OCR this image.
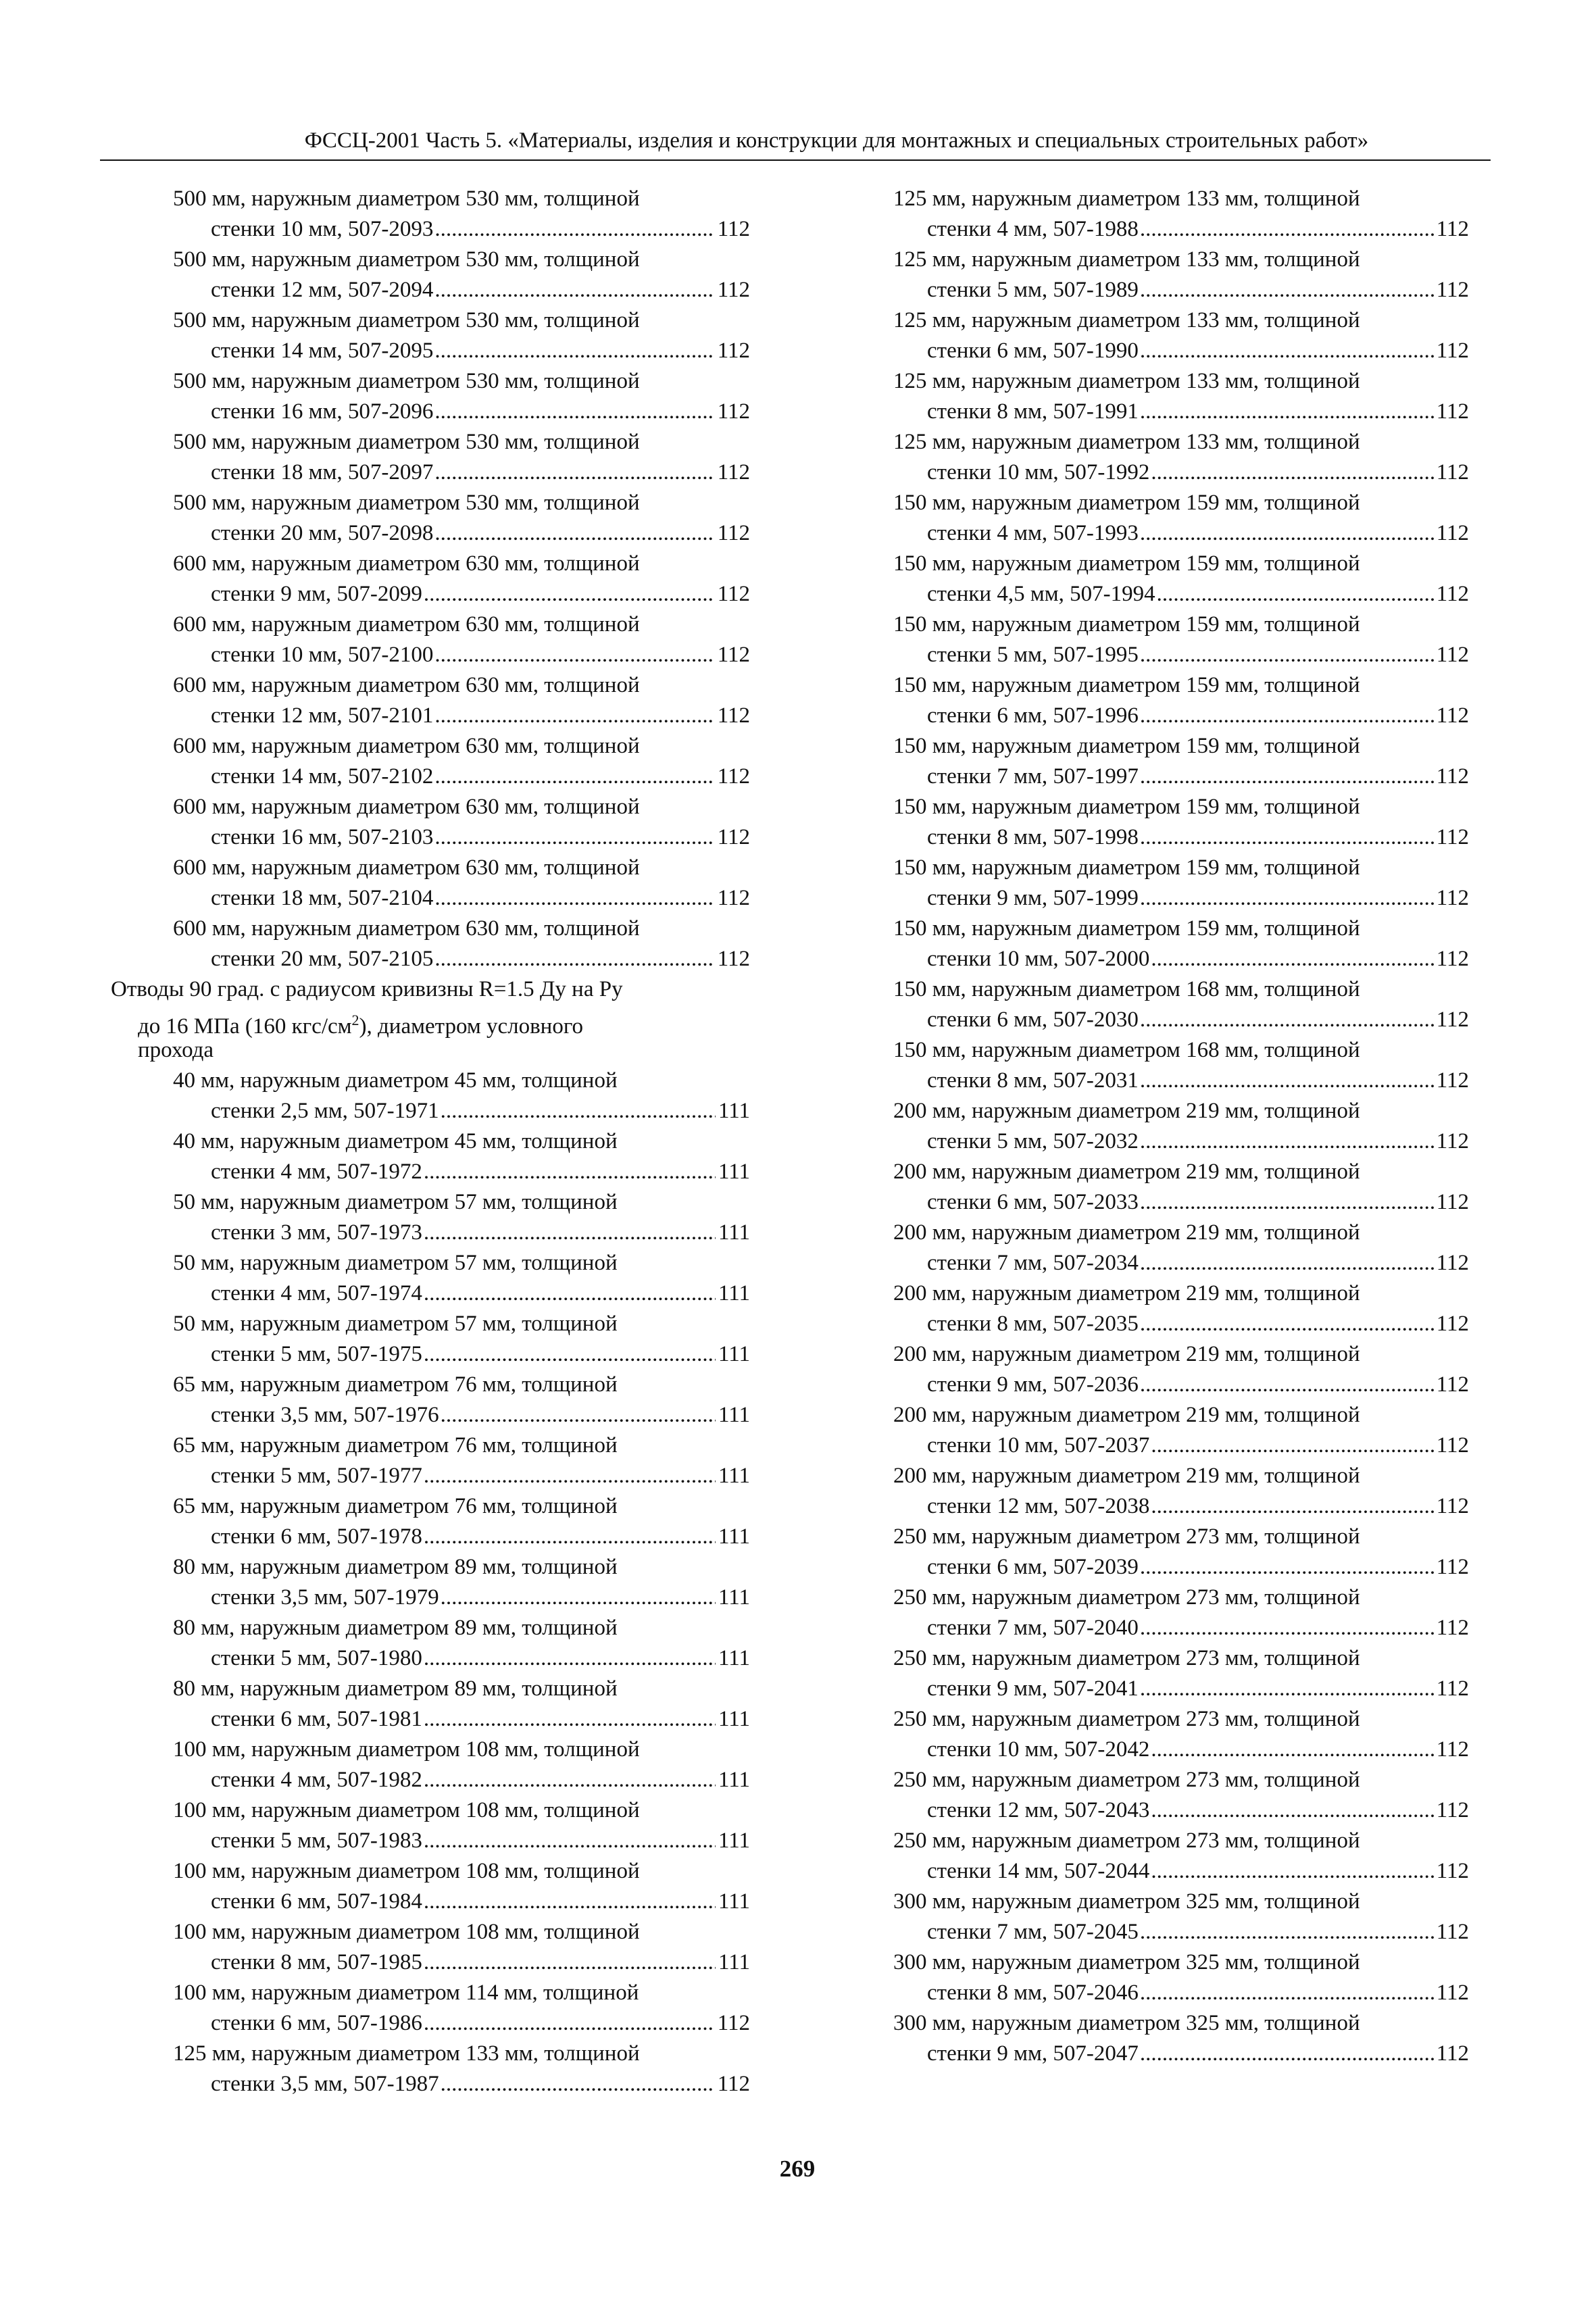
ФССЦ-2001 Часть 5. «Материалы, изделия и конструкции для монтажных и специальных строительных работ»
500 мм, наружным диаметром 530 мм, толщиной
стенки 10 мм, 507-2093 .....	112
500 мм, наружным диаметром 530 мм, толщиной
стенки 12 мм, 507-2094 .....	112
500 мм, наружным диаметром 530 мм, толщиной
стенки 14 мм, 507-2095 .....	112
500 мм, наружным диаметром 530 мм, толщиной
стенки 16 мм, 507-2096 .....	112
500 мм, наружным диаметром 530 мм, толщиной
стенки 18 мм, 507-2097 .....	112
500 мм, наружным диаметром 530 мм, толщиной
стенки 20 мм, 507-2098 .....	112
600 мм, наружным диаметром 630 мм, толщиной
стенки 9 мм, 507-2099 .....	112
600 мм, наружным диаметром 630 мм, толщиной
стенки 10 мм, 507-2100 .....	112
600 мм, наружным диаметром 630 мм, толщиной
стенки 12 мм, 507-2101 .....	112
600 мм, наружным диаметром 630 мм, толщиной
стенки 14 мм, 507-2102 .....	112
600 мм, наружным диаметром 630 мм, толщиной
стенки 16 мм, 507-2103 .....	112
600 мм, наружным диаметром 630 мм, толщиной
стенки 18 мм, 507-2104 .....	112
600 мм, наружным диаметром 630 мм, толщиной
стенки 20 мм, 507-2105 .....	112
Отводы 90 град. с радиусом кривизны R=1.5 Ду на Ру
до 16 МПа (160 кгс/$см^2$), диаметром условного
прохода
40 мм, наружным диаметром 45 мм, толщиной
стенки 2,5 мм, 507-1971 .....	111
40 мм, наружным диаметром 45 мм, толщиной
стенки 4 мм, 507-1972 .....	111
50 мм, наружным диаметром 57 мм, толщиной
стенки 3 мм, 507-1973 .....	111
50 мм, наружным диаметром 57 мм, толщиной
стенки 4 мм, 507-1974 .....	111
50 мм, наружным диаметром 57 мм, толщиной
стенки 5 мм, 507-1975 .....	111
65 мм, наружным диаметром 76 мм, толщиной
стенки 3,5 мм, 507-1976 .....	111
65 мм, наружным диаметром 76 мм, толщиной
стенки 5 мм, 507-1977 .....	111
65 мм, наружным диаметром 76 мм, толщиной
стенки 6 мм, 507-1978 .....	111
80 мм, наружным диаметром 89 мм, толщиной
стенки 3,5 мм, 507-1979 .....	111
80 мм, наружным диаметром 89 мм, толщиной
стенки 5 мм, 507-1980 .....	111
80 мм, наружным диаметром 89 мм, толщиной
стенки 6 мм, 507-1981 .....	111
100 мм, наружным диаметром 108 мм, толщиной
стенки 4 мм, 507-1982 .....	111
100 мм, наружным диаметром 108 мм, толщиной
стенки 5 мм, 507-1983 .....	111
100 мм, наружным диаметром 108 мм, толщиной
стенки 6 мм, 507-1984 .....	111
100 мм, наружным диаметром 108 мм, толщиной
стенки 8 мм, 507-1985 .....	111
100 мм, наружным диаметром 114 мм, толщиной
стенки 6 мм, 507-1986 .....	112
125 мм, наружным диаметром 133 мм, толщиной
стенки 3,5 мм, 507-1987 .....	112
125 мм, наружным диаметром 133 мм, толщиной
стенки 4 мм, 507-1988 .....	112
125 мм, наружным диаметром 133 мм, толщиной
стенки 5 мм, 507-1989 .....	112
125 мм, наружным диаметром 133 мм, толщиной
стенки 6 мм, 507-1990 .....	112
125 мм, наружным диаметром 133 мм, толщиной
стенки 8 мм, 507-1991 .....	112
125 мм, наружным диаметром 133 мм, толщиной
стенки 10 мм, 507-1992 .....	112
150 мм, наружным диаметром 159 мм, толщиной
стенки 4 мм, 507-1993 .....	112
150 мм, наружным диаметром 159 мм, толщиной
стенки 4,5 мм, 507-1994 .....	112
150 мм, наружным диаметром 159 мм, толщиной
стенки 5 мм, 507-1995 .....	112
150 мм, наружным диаметром 159 мм, толщиной
стенки 6 мм, 507-1996 .....	112
150 мм, наружным диаметром 159 мм, толщиной
стенки 7 мм, 507-1997 .....	112
150 мм, наружным диаметром 159 мм, толщиной
стенки 8 мм, 507-1998 .....	112
150 мм, наружным диаметром 159 мм, толщиной
стенки 9 мм, 507-1999 .....	112
150 мм, наружным диаметром 159 мм, толщиной
стенки 10 мм, 507-2000 .....	112
150 мм, наружным диаметром 168 мм, толщиной
стенки 6 мм, 507-2030 .....	112
150 мм, наружным диаметром 168 мм, толщиной
стенки 8 мм, 507-2031 .....	112
200 мм, наружным диаметром 219 мм, толщиной
стенки 5 мм, 507-2032 .....	112
200 мм, наружным диаметром 219 мм, толщиной
стенки 6 мм, 507-2033 .....	112
200 мм, наружным диаметром 219 мм, толщиной
стенки 7 мм, 507-2034 .....	112
200 мм, наружным диаметром 219 мм, толщиной
стенки 8 мм, 507-2035 .....	112
200 мм, наружным диаметром 219 мм, толщиной
стенки 9 мм, 507-2036 .....	112
200 мм, наружным диаметром 219 мм, толщиной
стенки 10 мм, 507-2037 .....	112
200 мм, наружным диаметром 219 мм, толщиной
стенки 12 мм, 507-2038 .....	112
250 мм, наружным диаметром 273 мм, толщиной
стенки 6 мм, 507-2039 .....	112
250 мм, наружным диаметром 273 мм, толщиной
стенки 7 мм, 507-2040 .....	112
250 мм, наружным диаметром 273 мм, толщиной
стенки 9 мм, 507-2041 .....	112
250 мм, наружным диаметром 273 мм, толщиной
стенки 10 мм, 507-2042 .....	112
250 мм, наружным диаметром 273 мм, толщиной
стенки 12 мм, 507-2043 .....	112
250 мм, наружным диаметром 273 мм, толщиной
стенки 14 мм, 507-2044 .....	112
300 мм, наружным диаметром 325 мм, толщиной
стенки 7 мм, 507-2045 .....	112
300 мм, наружным диаметром 325 мм, толщиной
стенки 8 мм, 507-2046 .....	112
300 мм, наружным диаметром 325 мм, толщиной
стенки 9 мм, 507-2047 .....	112
269
